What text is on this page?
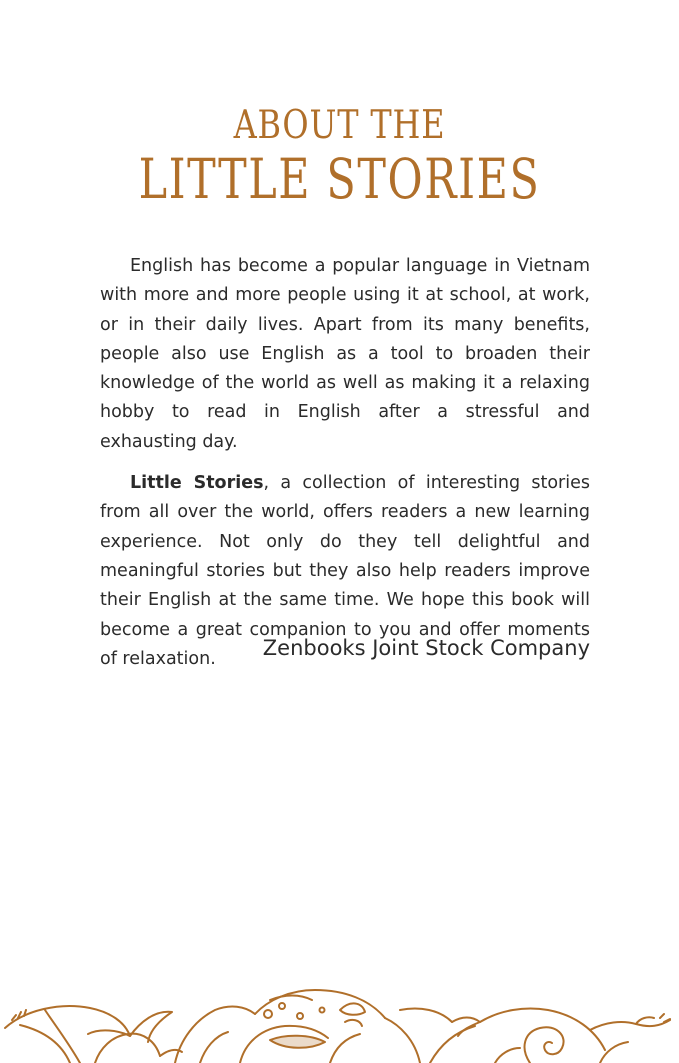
ABOUT THE
LITTLE STORIES

English has become a popular language in Vietnam with more and more people using it at school, at work, or in their daily lives. Apart from its many benefits, people also use English as a tool to broaden their knowledge of the world as well as making it a relaxing hobby to read in English after a stressful and exhausting day.

Little Stories, a collection of interesting stories from all over the world, offers readers a new learning experience. Not only do they tell delightful and meaningful stories but they also help readers improve their English at the same time. We hope this book will become a great companion to you and offer moments of relaxation.	Zenbooks Joint Stock Company
